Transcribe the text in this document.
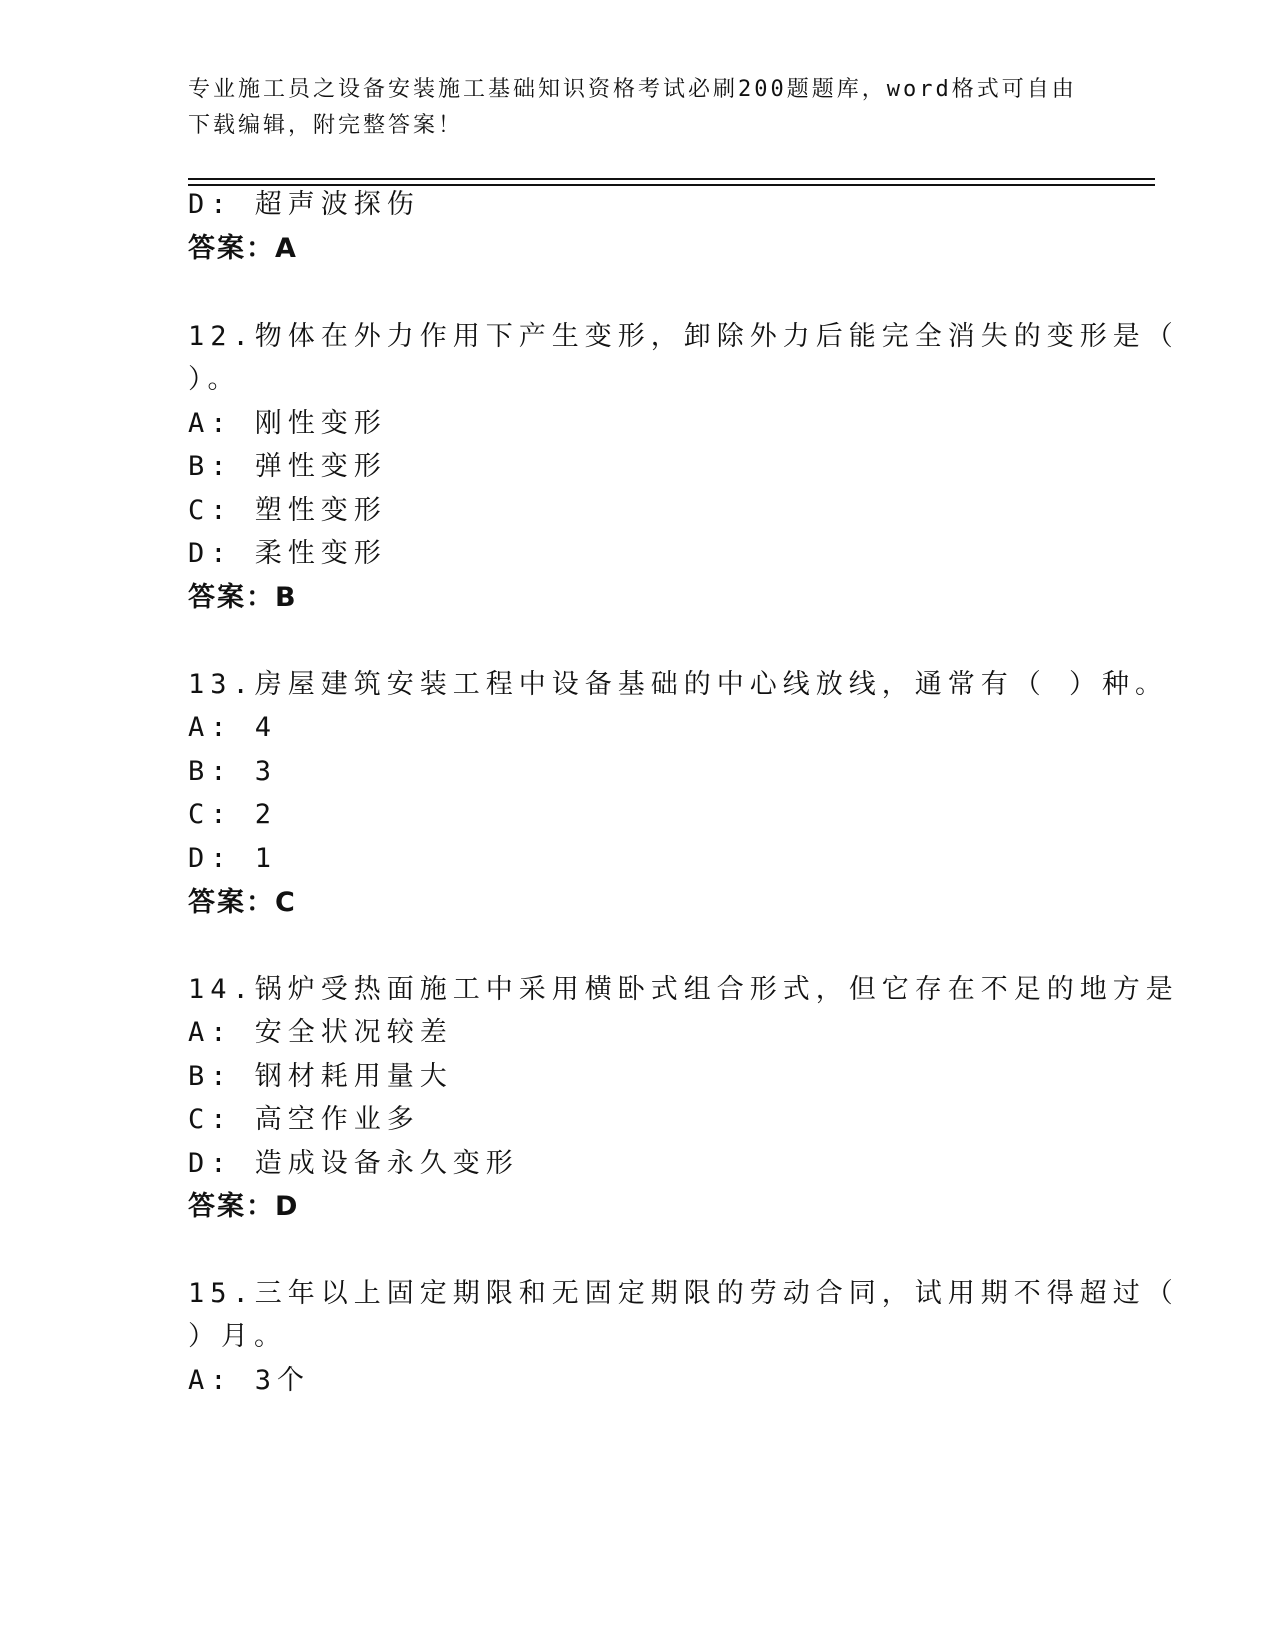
专业施工员之设备安装施工基础知识资格考试必刷200题题库，word格式可自由下载编辑，附完整答案！
D: 超声波探伤
答案：A
12.物体在外力作用下产生变形，卸除外力后能完全消失的变形是（
）。
A: 刚性变形
B: 弹性变形
C: 塑性变形
D: 柔性变形
答案：B
13.房屋建筑安装工程中设备基础的中心线放线，通常有（ ）种。
A: 4
B: 3
C: 2
D: 1
答案：C
14.锅炉受热面施工中采用横卧式组合形式，但它存在不足的地方是
A: 安全状况较差
B: 钢材耗用量大
C: 高空作业多
D: 造成设备永久变形
答案：D
15.三年以上固定期限和无固定期限的劳动合同，试用期不得超过（
）月。
A: 3个
